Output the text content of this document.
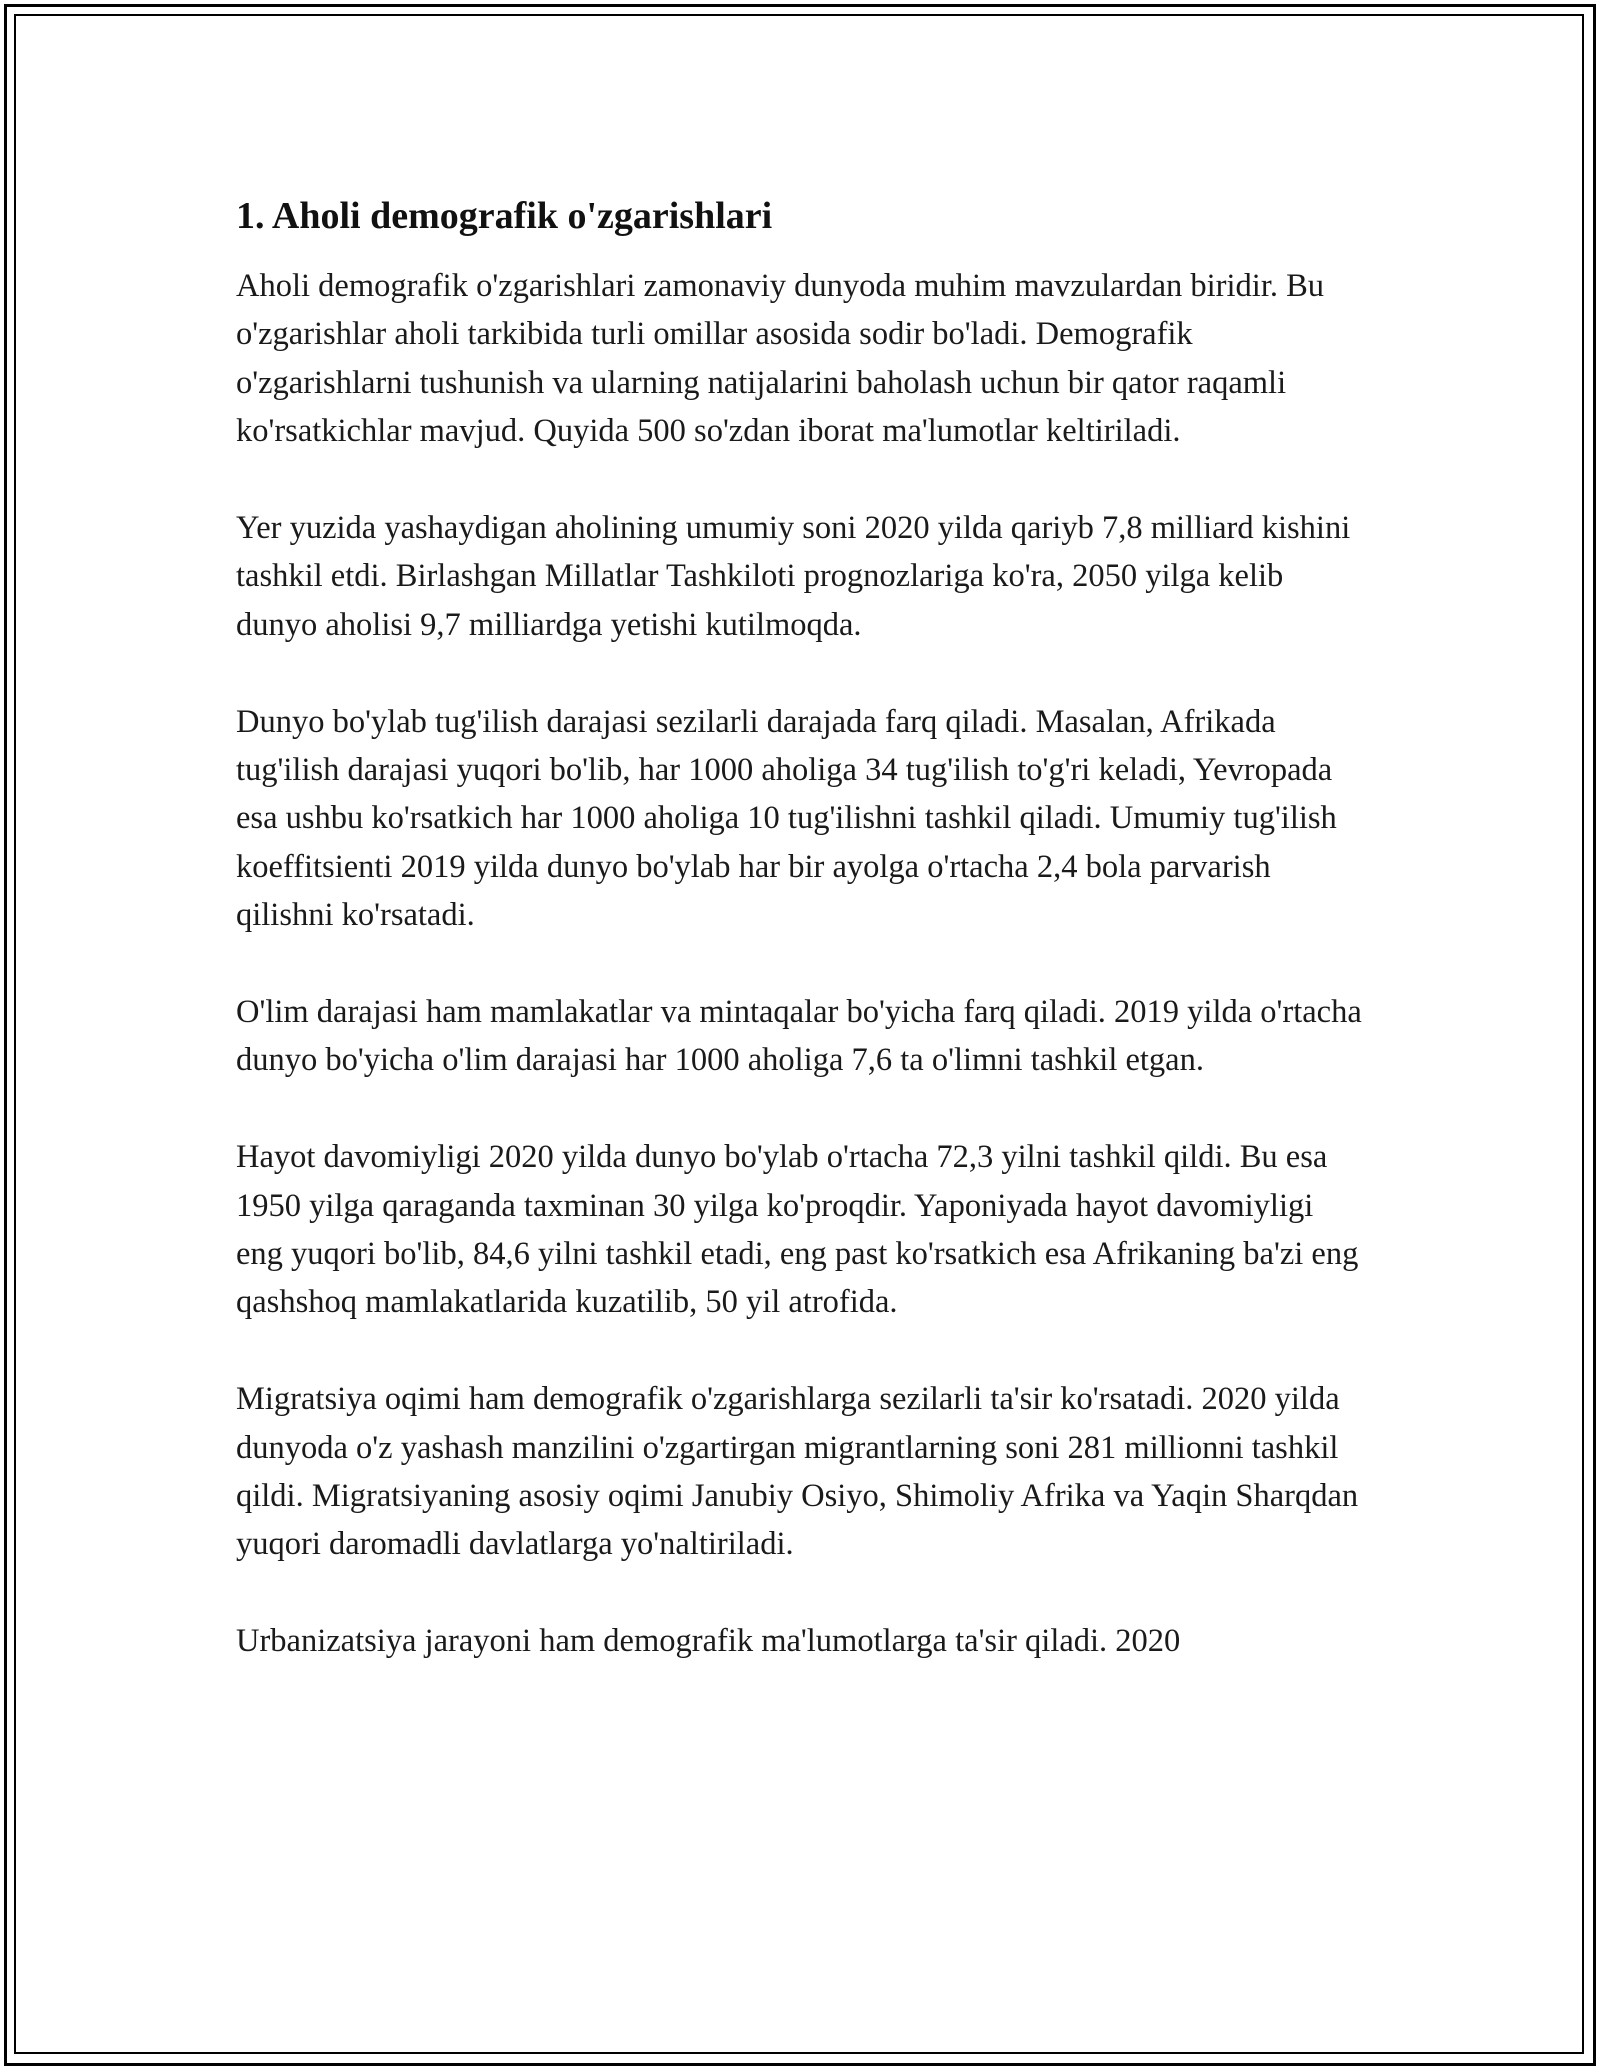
1. Aholi demografik o'zgarishlari

Aholi demografik o'zgarishlari zamonaviy dunyoda muhim mavzulardan biridir. Bu o'zgarishlar aholi tarkibida turli omillar asosida sodir bo'ladi. Demografik o'zgarishlarni tushunish va ularning natijalarini baholash uchun bir qator raqamli ko'rsatkichlar mavjud. Quyida 500 so'zdan iborat ma'lumotlar keltiriladi.

Yer yuzida yashaydigan aholining umumiy soni 2020 yilda qariyb 7,8 milliard kishini tashkil etdi. Birlashgan Millatlar Tashkiloti prognozlariga ko'ra, 2050 yilga kelib dunyo aholisi 9,7 milliardga yetishi kutilmoqda.

Dunyo bo'ylab tug'ilish darajasi sezilarli darajada farq qiladi. Masalan, Afrikada tug'ilish darajasi yuqori bo'lib, har 1000 aholiga 34 tug'ilish to'g'ri keladi, Yevropada esa ushbu ko'rsatkich har 1000 aholiga 10 tug'ilishni tashkil qiladi. Umumiy tug'ilish koeffitsienti 2019 yilda dunyo bo'ylab har bir ayolga o'rtacha 2,4 bola parvarish qilishni ko'rsatadi.

O'lim darajasi ham mamlakatlar va mintaqalar bo'yicha farq qiladi. 2019 yilda o'rtacha dunyo bo'yicha o'lim darajasi har 1000 aholiga 7,6 ta o'limni tashkil etgan.

Hayot davomiyligi 2020 yilda dunyo bo'ylab o'rtacha 72,3 yilni tashkil qildi. Bu esa 1950 yilga qaraganda taxminan 30 yilga ko'proqdir. Yaponiyada hayot davomiyligi eng yuqori bo'lib, 84,6 yilni tashkil etadi, eng past ko'rsatkich esa Afrikaning ba'zi eng qashshoq mamlakatlarida kuzatilib, 50 yil atrofida.

Migratsiya oqimi ham demografik o'zgarishlarga sezilarli ta'sir ko'rsatadi. 2020 yilda dunyoda o'z yashash manzilini o'zgartirgan migrantlarning soni 281 millionni tashkil qildi. Migratsiyaning asosiy oqimi Janubiy Osiyo, Shimoliy Afrika va Yaqin Sharqdan yuqori daromadli davlatlarga yo'naltiriladi.

Urbanizatsiya jarayoni ham demografik ma'lumotlarga ta'sir qiladi. 2020
